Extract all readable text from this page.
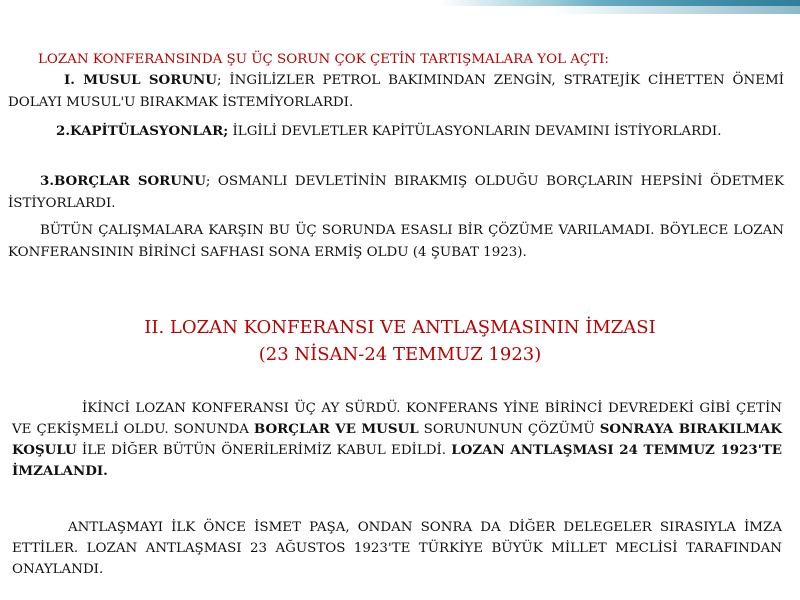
LOZAN KONFERANSINDA ŞU ÜÇ SORUN ÇOK ÇETİN TARTIŞMALARA YOL AÇTI:
I. MUSUL SORUNU; İNGİLİZLER PETROL BAKIMINDAN ZENGİN, STRATEJİK CİHETTEN ÖNEMİ DOLAYI MUSUL'U BIRAKMAK İSTEMİYORLARDI.
2.KAPİTÜLASYONLAR; İLGİLİ DEVLETLER KAPİTÜLASYONLARIN DEVAMINI İSTİYORLARDI.
3.BORÇLAR SORUNU; OSMANLI DEVLETİNİN BIRAKMIŞ OLDUĞU BORÇLARIN HEPSİNİ ÖDETMEK İSTİYORLARDI.
BÜTÜN ÇALIŞMALARA KARŞIN BU ÜÇ SORUNDA ESASLI BİR ÇÖZÜME VARILAMADI. BÖYLECE LOZAN KONFERANSININ BİRİNCİ SAFHASI SONA ERMİŞ OLDU (4 ŞUBAT 1923).
II. LOZAN KONFERANSI VE ANTLAŞMASININ İMZASI
(23 NİSAN-24 TEMMUZ 1923)
İKİNCİ LOZAN KONFERANSI ÜÇ AY SÜRDÜ. KONFERANS YİNE BİRİNCİ DEVREDEKİ GİBİ ÇETİN VE ÇEKİŞMELİ OLDU. SONUNDA BORÇLAR VE MUSUL SORUNUNUN ÇÖZÜMÜ SONRAYA BIRAKILMAK KOŞULU İLE DİĞER BÜTÜN ÖNERİLERİMİZ KABUL EDİLDİ. LOZAN ANTLAŞMASI 24 TEMMUZ 1923'TE İMZALANDI.
ANTLAŞMAYI İLK ÖNCE İSMET PAŞA, ONDAN SONRA DA DİĞER DELEGELER SIRASIYLA İMZA ETTİLER. LOZAN ANTLAŞMASI 23 AĞUSTOS 1923'TE TÜRKİYE BÜYÜK MİLLET MECLİSİ TARAFINDAN ONAYLANDI.
